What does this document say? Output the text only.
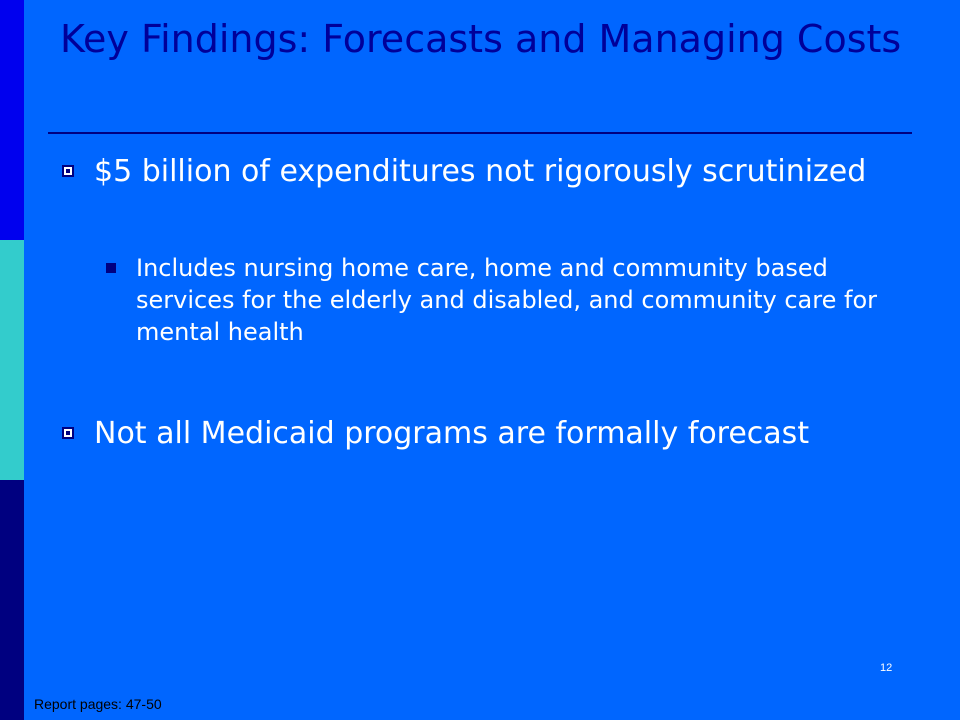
Key Findings: Forecasts and Managing Costs
$5 billion of expenditures not rigorously scrutinized
Includes nursing home care, home and community based services for the elderly and disabled, and community care for mental health
Not all Medicaid programs are formally forecast
12
Report pages: 47-50
